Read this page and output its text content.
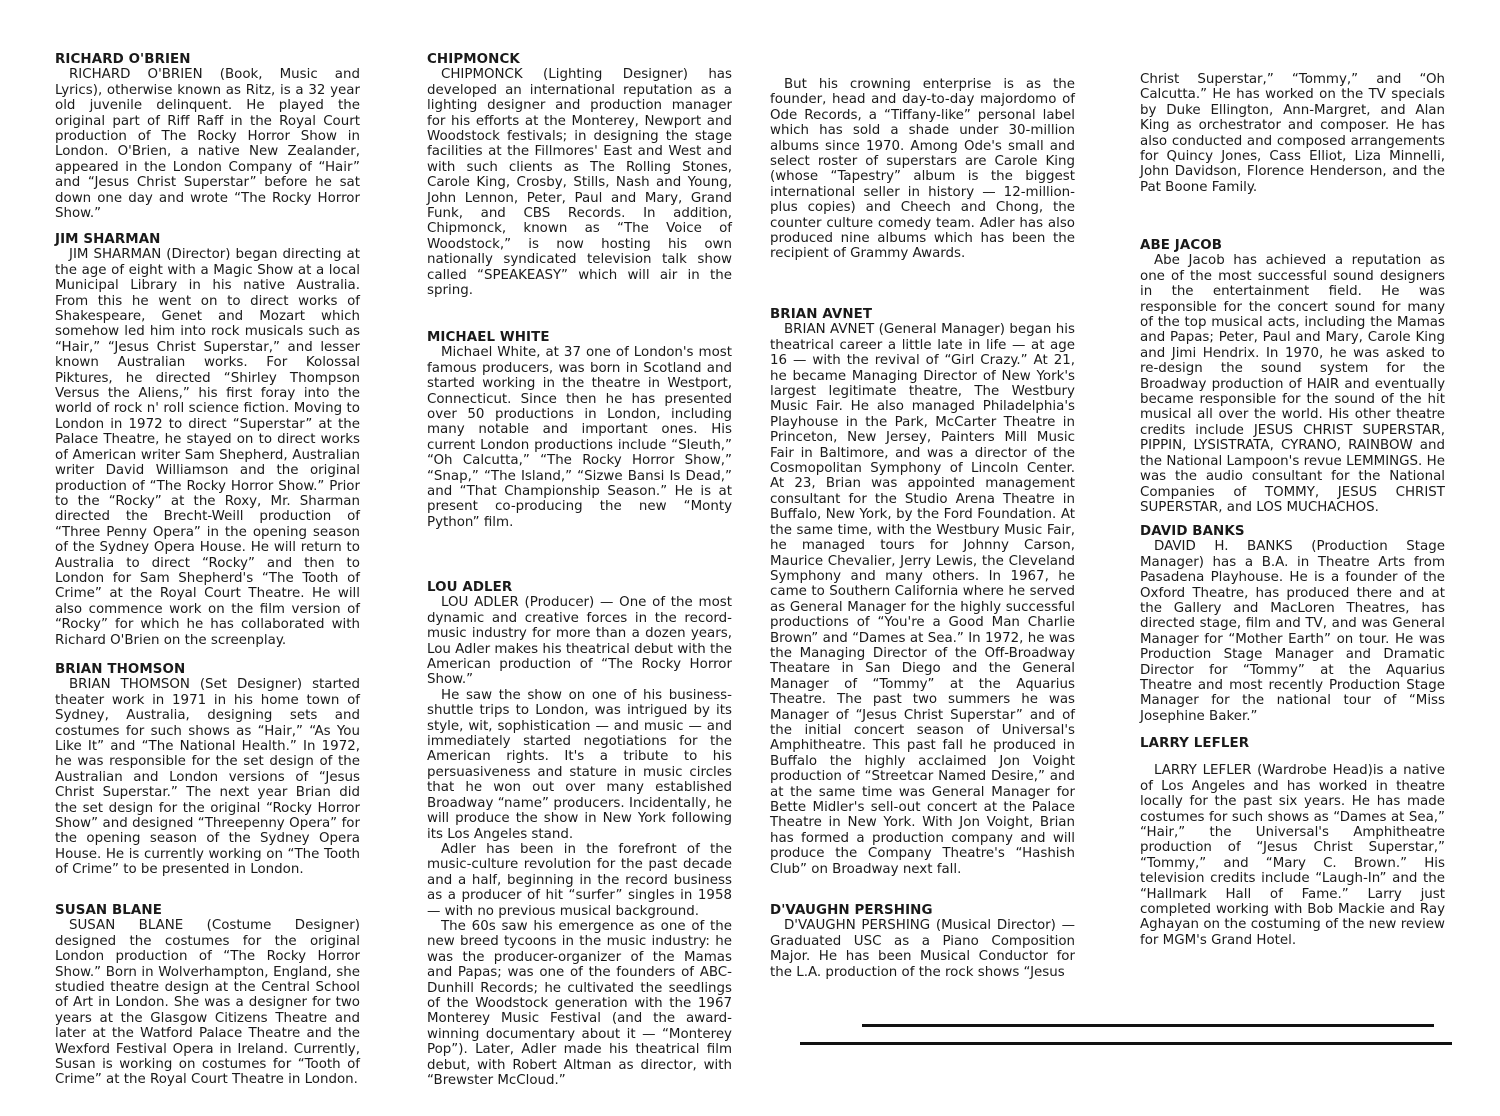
RICHARD O'BRIEN

RICHARD O'BRIEN (Book, Music and Lyrics), otherwise known as Ritz, is a 32 year old juvenile delinquent. He played the original part of Riff Raff in the Royal Court production of The Rocky Horror Show in London. O'Brien, a native New Zealander, appeared in the London Company of “Hair” and “Jesus Christ Superstar” before he sat down one day and wrote “The Rocky Horror Show.”

JIM SHARMAN

JIM SHARMAN (Director) began directing at the age of eight with a Magic Show at a local Municipal Library in his native Australia. From this he went on to direct works of Shakespeare, Genet and Mozart which somehow led him into rock musicals such as “Hair,” “Jesus Christ Superstar,” and lesser known Australian works. For Kolossal Piktures, he directed “Shirley Thompson Versus the Aliens,” his first foray into the world of rock n' roll science fiction. Moving to London in 1972 to direct “Superstar” at the Palace Theatre, he stayed on to direct works of American writer Sam Shepherd, Australian writer David Williamson and the original production of “The Rocky Horror Show.” Prior to the “Rocky” at the Roxy, Mr. Sharman directed the Brecht-Weill production of “Three Penny Opera” in the opening season of the Sydney Opera House. He will return to Australia to direct “Rocky” and then to London for Sam Shepherd's “The Tooth of Crime” at the Royal Court Theatre. He will also commence work on the film version of “Rocky” for which he has collaborated with Richard O'Brien on the screenplay.

BRIAN THOMSON

BRIAN THOMSON (Set Designer) started theater work in 1971 in his home town of Sydney, Australia, designing sets and costumes for such shows as “Hair,” “As You Like It” and “The National Health.” In 1972, he was responsible for the set design of the Australian and London versions of “Jesus Christ Superstar.” The next year Brian did the set design for the original “Rocky Horror Show” and designed “Threepenny Opera” for the opening season of the Sydney Opera House. He is currently working on “The Tooth of Crime” to be presented in London.

SUSAN BLANE

SUSAN BLANE (Costume Designer) designed the costumes for the original London production of “The Rocky Horror Show.” Born in Wolverhampton, England, she studied theatre design at the Central School of Art in London. She was a designer for two years at the Glasgow Citizens Theatre and later at the Watford Palace Theatre and the Wexford Festival Opera in Ireland. Currently, Susan is working on costumes for “Tooth of Crime” at the Royal Court Theatre in London.

CHIPMONCK

CHIPMONCK (Lighting Designer) has developed an international reputation as a lighting designer and production manager for his efforts at the Monterey, Newport and Woodstock festivals; in designing the stage facilities at the Fillmores' East and West and with such clients as The Rolling Stones, Carole King, Crosby, Stills, Nash and Young, John Lennon, Peter, Paul and Mary, Grand Funk, and CBS Records. In addition, Chipmonck, known as “The Voice of Woodstock,” is now hosting his own nationally syndicated television talk show called “SPEAKEASY” which will air in the spring.

MICHAEL WHITE

Michael White, at 37 one of London's most famous producers, was born in Scotland and started working in the theatre in Westport, Connecticut. Since then he has presented over 50 productions in London, including many notable and important ones. His current London productions include “Sleuth,” “Oh Calcutta,” “The Rocky Horror Show,” “Snap,” “The Island,” “Sizwe Bansi Is Dead,” and “That Championship Season.” He is at present co-producing the new “Monty Python” film.

LOU ADLER

LOU ADLER (Producer) — One of the most dynamic and creative forces in the record-music industry for more than a dozen years, Lou Adler makes his theatrical debut with the American production of “The Rocky Horror Show.”

He saw the show on one of his business-shuttle trips to London, was intrigued by its style, wit, sophistication — and music — and immediately started negotiations for the American rights. It's a tribute to his persuasiveness and stature in music circles that he won out over many established Broadway “name” producers. Incidentally, he will produce the show in New York following its Los Angeles stand.

Adler has been in the forefront of the music-culture revolution for the past decade and a half, beginning in the record business as a producer of hit “surfer” singles in 1958 — with no previous musical background.

The 60s saw his emergence as one of the new breed tycoons in the music industry: he was the producer-organizer of the Mamas and Papas; was one of the founders of ABC-Dunhill Records; he cultivated the seedlings of the Woodstock generation with the 1967 Monterey Music Festival (and the award-winning documentary about it — “Monterey Pop”). Later, Adler made his theatrical film debut, with Robert Altman as director, with “Brewster McCloud.”

But his crowning enterprise is as the founder, head and day-to-day majordomo of Ode Records, a “Tiffany-like” personal label which has sold a shade under 30-million albums since 1970. Among Ode's small and select roster of superstars are Carole King (whose “Tapestry” album is the biggest international seller in history — 12-million-plus copies) and Cheech and Chong, the counter culture comedy team. Adler has also produced nine albums which has been the recipient of Grammy Awards.

BRIAN AVNET

BRIAN AVNET (General Manager) began his theatrical career a little late in life — at age 16 — with the revival of “Girl Crazy.” At 21, he became Managing Director of New York's largest legitimate theatre, The Westbury Music Fair. He also managed Philadelphia's Playhouse in the Park, McCarter Theatre in Princeton, New Jersey, Painters Mill Music Fair in Baltimore, and was a director of the Cosmopolitan Symphony of Lincoln Center. At 23, Brian was appointed management consultant for the Studio Arena Theatre in Buffalo, New York, by the Ford Foundation. At the same time, with the Westbury Music Fair, he managed tours for Johnny Carson, Maurice Chevalier, Jerry Lewis, the Cleveland Symphony and many others. In 1967, he came to Southern California where he served as General Manager for the highly successful productions of “You're a Good Man Charlie Brown” and “Dames at Sea.” In 1972, he was the Managing Director of the Off-Broadway Theatare in San Diego and the General Manager of “Tommy” at the Aquarius Theatre. The past two summers he was Manager of “Jesus Christ Superstar” and of the initial concert season of Universal's Amphitheatre. This past fall he produced in Buffalo the highly acclaimed Jon Voight production of “Streetcar Named Desire,” and at the same time was General Manager for Bette Midler's sell-out concert at the Palace Theatre in New York. With Jon Voight, Brian has formed a production company and will produce the Company Theatre's “Hashish Club” on Broadway next fall.

D'VAUGHN PERSHING

D'VAUGHN PERSHING (Musical Director) — Graduated USC as a Piano Composition Major. He has been Musical Conductor for the L.A. production of the rock shows “Jesus

Christ Superstar,” “Tommy,” and “Oh Calcutta.” He has worked on the TV specials by Duke Ellington, Ann-Margret, and Alan King as orchestrator and composer. He has also conducted and composed arrangements for Quincy Jones, Cass Elliot, Liza Minnelli, John Davidson, Florence Henderson, and the Pat Boone Family.

ABE JACOB

Abe Jacob has achieved a reputation as one of the most successful sound designers in the entertainment field. He was responsible for the concert sound for many of the top musical acts, including the Mamas and Papas; Peter, Paul and Mary, Carole King and Jimi Hendrix. In 1970, he was asked to re-design the sound system for the Broadway production of HAIR and eventually became responsible for the sound of the hit musical all over the world. His other theatre credits include JESUS CHRIST SUPERSTAR, PIPPIN, LYSISTRATA, CYRANO, RAINBOW and the National Lampoon's revue LEMMINGS. He was the audio consultant for the National Companies of TOMMY, JESUS CHRIST SUPERSTAR, and LOS MUCHACHOS.

DAVID BANKS

DAVID H. BANKS (Production Stage Manager) has a B.A. in Theatre Arts from Pasadena Playhouse. He is a founder of the Oxford Theatre, has produced there and at the Gallery and MacLoren Theatres, has directed stage, film and TV, and was General Manager for “Mother Earth” on tour. He was Production Stage Manager and Dramatic Director for “Tommy” at the Aquarius Theatre and most recently Production Stage Manager for the national tour of “Miss Josephine Baker.”

LARRY LEFLER

LARRY LEFLER (Wardrobe Head)is a native of Los Angeles and has worked in theatre locally for the past six years. He has made costumes for such shows as “Dames at Sea,” “Hair,” the Universal's Amphitheatre production of “Jesus Christ Superstar,” “Tommy,” and “Mary C. Brown.” His television credits include “Laugh-In” and the “Hallmark Hall of Fame.” Larry just completed working with Bob Mackie and Ray Aghayan on the costuming of the new review for MGM's Grand Hotel.
